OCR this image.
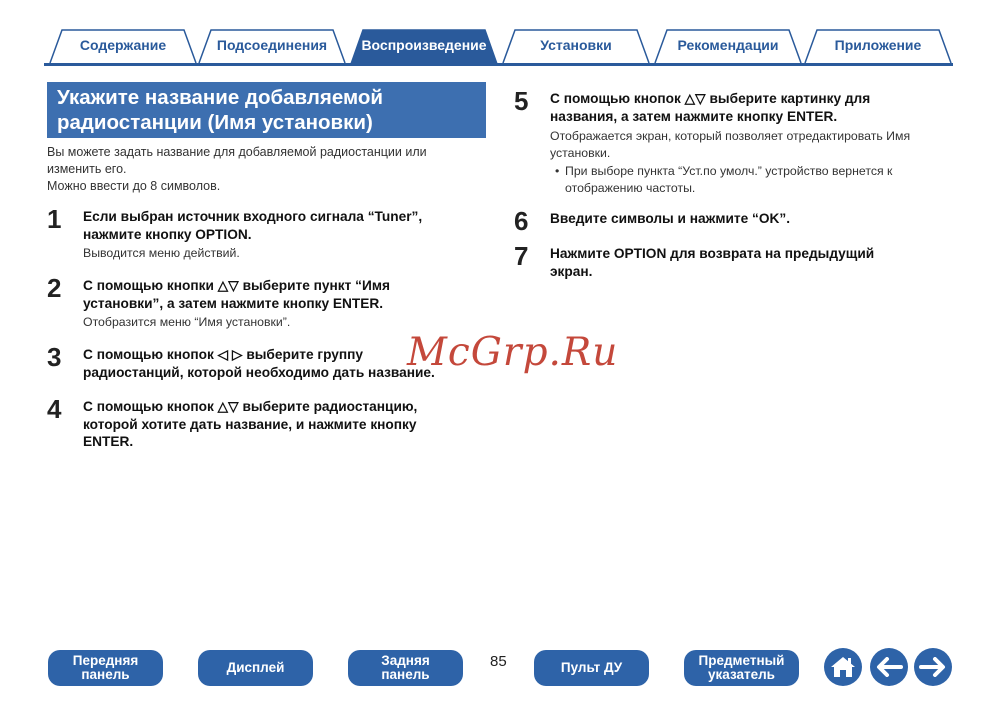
Содержание	Подсоединения Воспроизведение	Установки	Рекомендации	Приложение
Укажите название добавляемой
радиостанции (Имя установки)
Вы можете задать название для добавляемой радиостанции или
изменить его.
Можно ввести до 8 символов.
1 Если выбран источник входного сигнала “Tuner”,
нажмите кнопку OPTION.
Выводится меню действий.
2 С помощью кнопки △▽ выберите пункт “Имя
установки”, а затем нажмите кнопку ENTER.
Отобразится меню “Имя установки”.
3 С помощью кнопок ◁ ▷ выберите группу
радиостанций, которой необходимо дать название.
4 С помощью кнопок △▽ выберите радиостанцию,
которой хотите дать название, и нажмите кнопку
ENTER.
5 С помощью кнопок △▽ выберите картинку для
названия, а затем нажмите кнопку ENTER.
Отображается экран, который позволяет отредактировать Имя
установки.
• При выборе пункта “Уст.по умолч.” устройство вернется к
отображению частоты.
6 Введите символы и нажмите “OK”.
7 Нажмите OPTION для возврата на предыдущий
экран.
McGrp.Ru
Передняя
панель	Дисплей	Задняя
панель
85	Пульт ДУ	Предметный
указатель
